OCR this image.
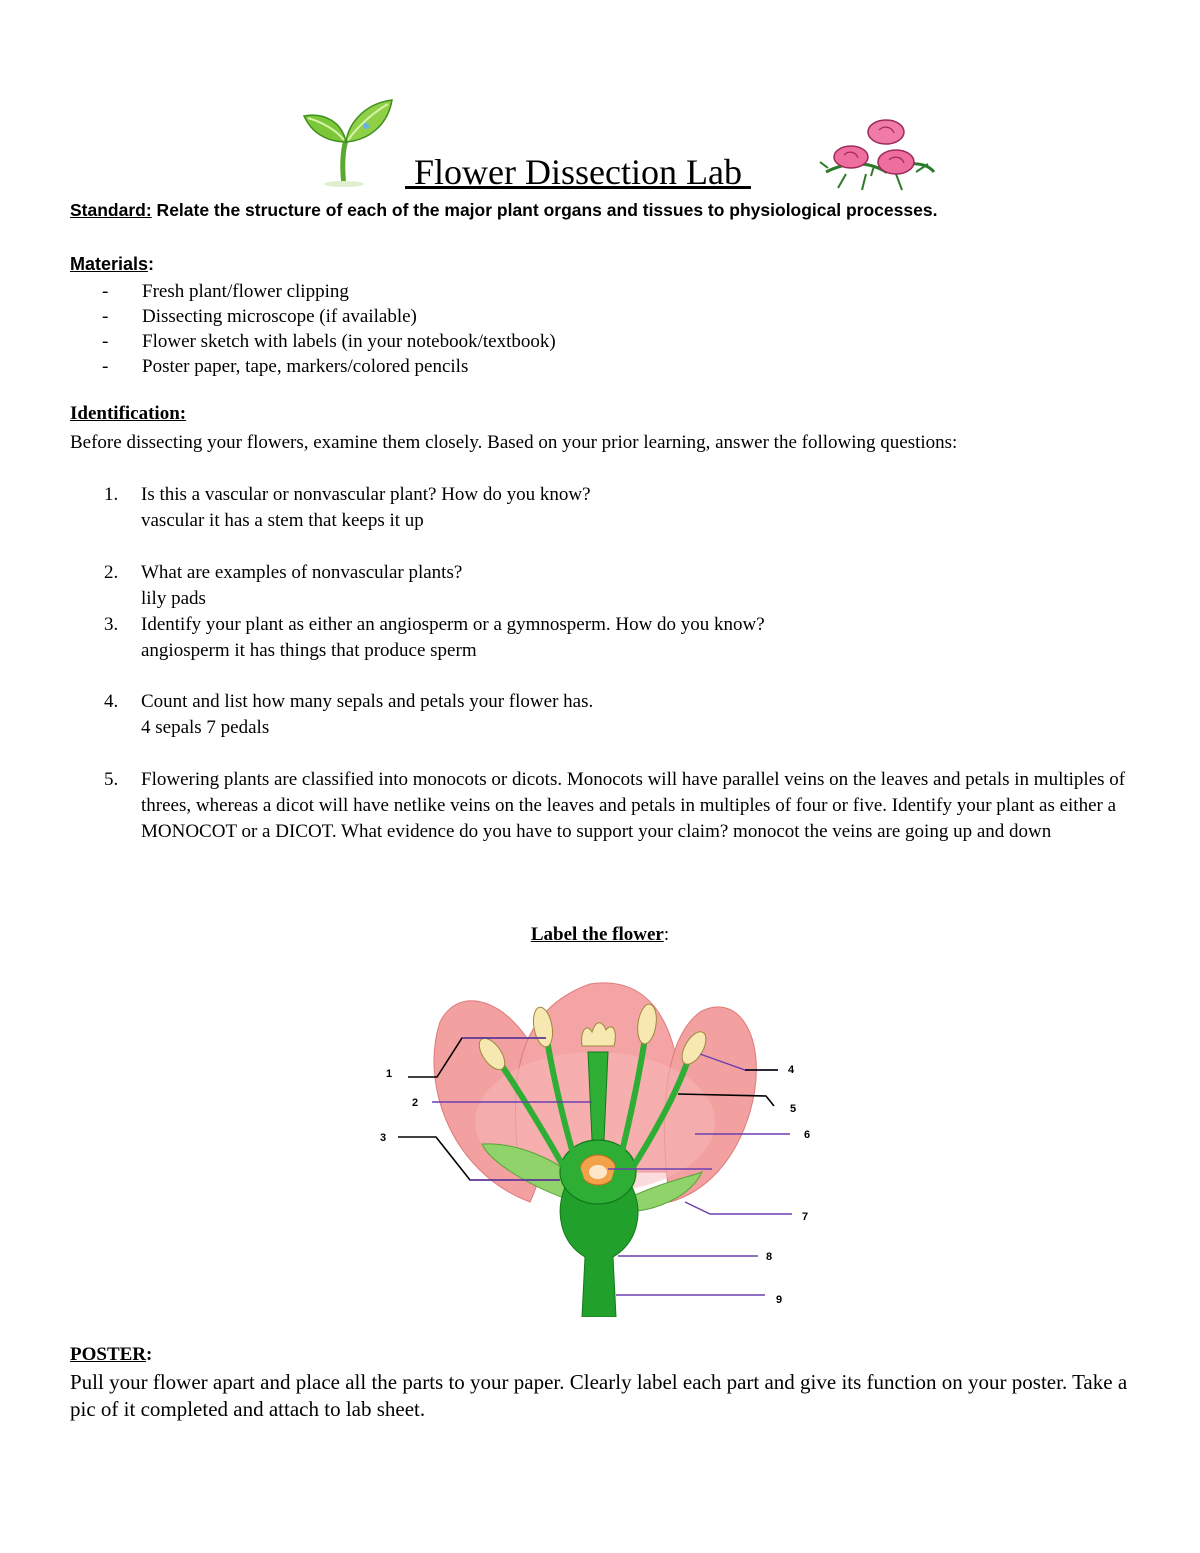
Flower Dissection Lab
Standard: Relate the structure of each of the major plant organs and tissues to physiological processes.
Materials:
- Fresh plant/flower clipping
- Dissecting microscope (if available)
- Flower sketch with labels (in your notebook/textbook)
- Poster paper, tape, markers/colored pencils
Identification:
Before dissecting your flowers, examine them closely. Based on your prior learning, answer the following questions:
1. Is this a vascular or nonvascular plant? How do you know?
vascular it has a stem that keeps it up
2. What are examples of nonvascular plants?
lily pads
3. Identify your plant as either an angiosperm or a gymnosperm. How do you know?
angiosperm it has things that produce sperm
4. Count and list how many sepals and petals your flower has.
4 sepals 7 pedals
5. Flowering plants are classified into monocots or dicots. Monocots will have parallel veins on the leaves and petals in multiples of threes, whereas a dicot will have netlike veins on the leaves and petals in multiples of four or five. Identify your plant as either a MONOCOT or a DICOT. What evidence do you have to support your claim? monocot the veins are going up and down
Label the flower:
1
2
3
4
5
6
7
8
9
POSTER:
Pull your flower apart and place all the parts to your paper. Clearly label each part and give its function on your poster. Take a pic of it completed and attach to lab sheet.
